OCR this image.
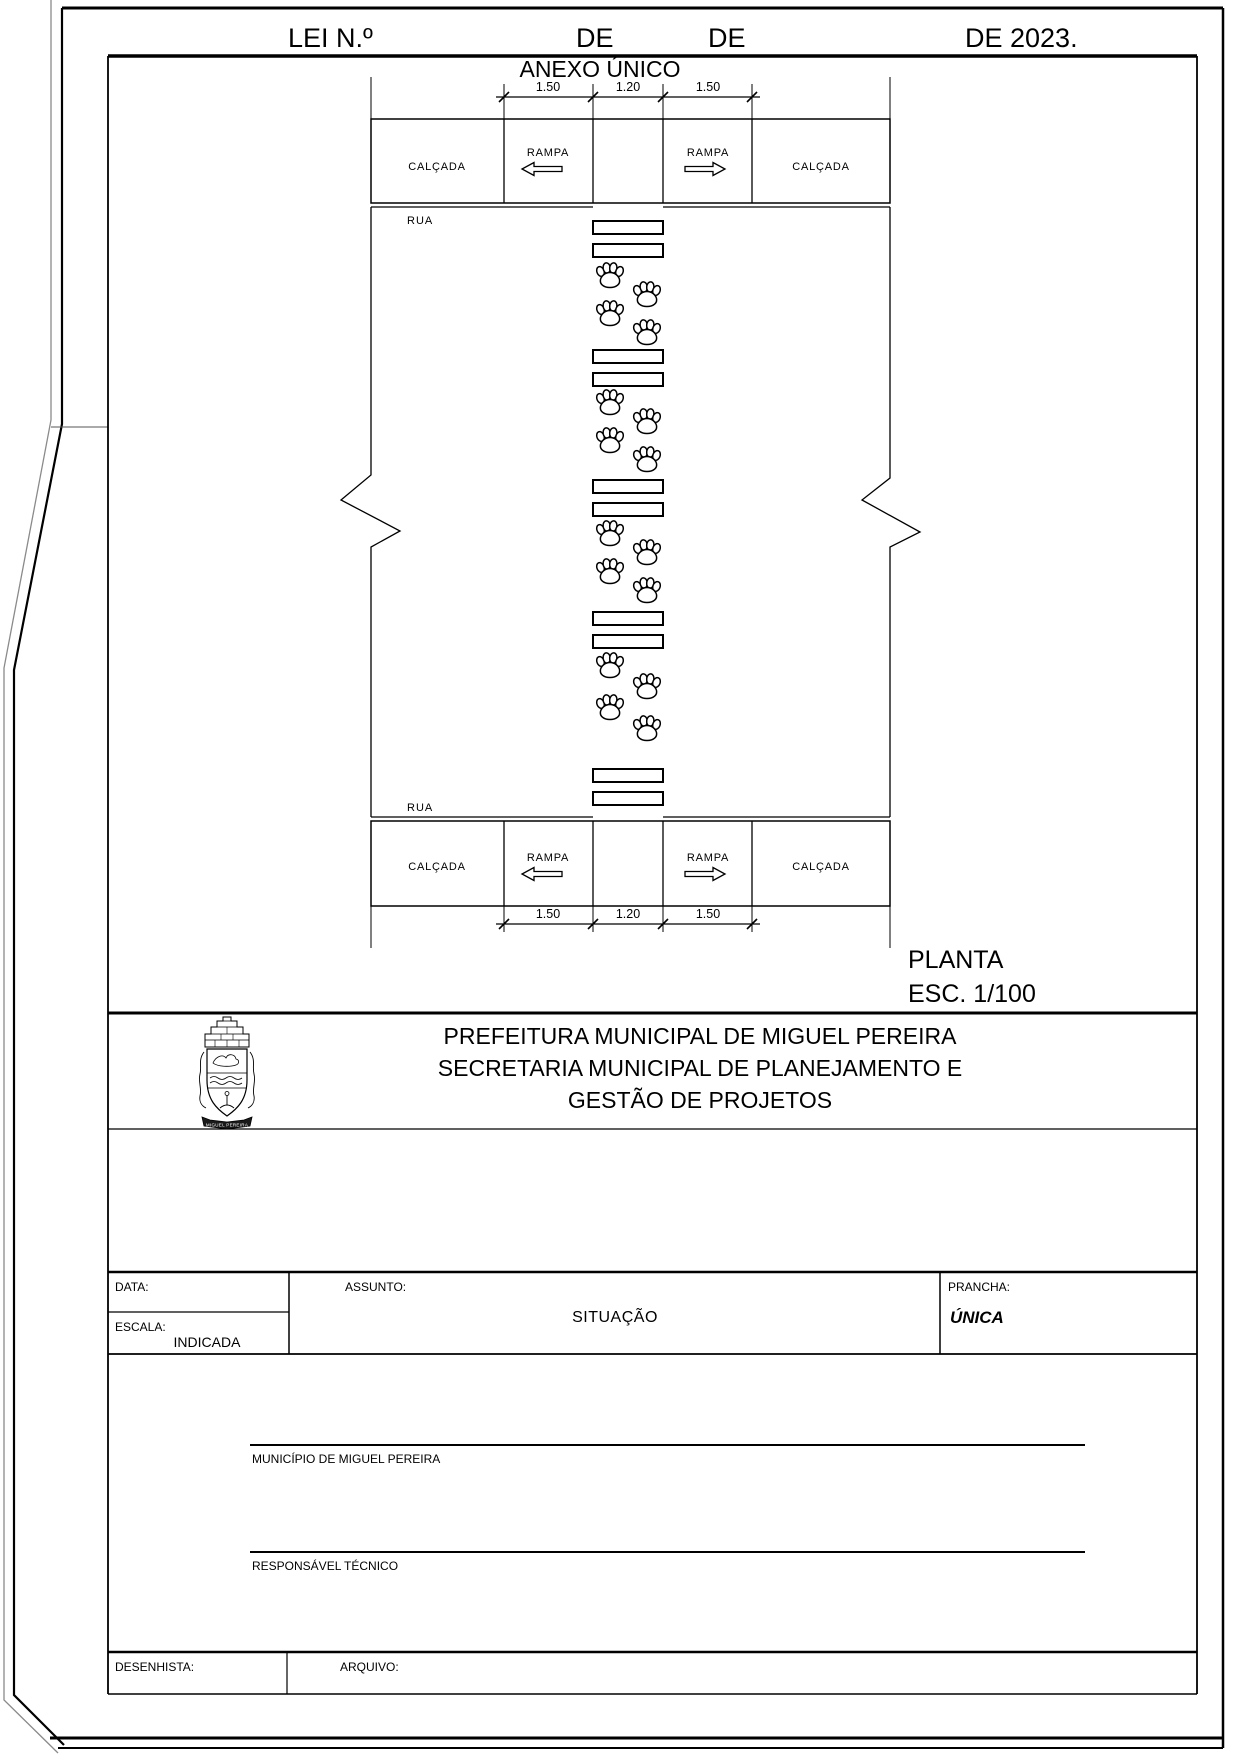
LEI N.º	DE	DE	DE 2023.
ANEXO ÚNICO
1.50	1.20	1.50
CALÇADA
RAMPA	RAMPA
CALÇADA
RUA
RUA
CALÇADA
RAMPA	RAMPA
CALÇADA
1.50	1.20	1.50
PLANTA
ESC. 1/100
PREFEITURA MUNICIPAL DE MIGUEL PEREIRA
SECRETARIA MUNICIPAL DE PLANEJAMENTO E
GESTÃO DE PROJETOS
MIGUEL PEREIRA
DATA:
ESCALA:
INDICADA
ASSUNTO:
SITUAÇÃO
PRANCHA:
ÚNICA
MUNICÍPIO DE MIGUEL PEREIRA
RESPONSÁVEL TÉCNICO
DESENHISTA:	ARQUIVO:
